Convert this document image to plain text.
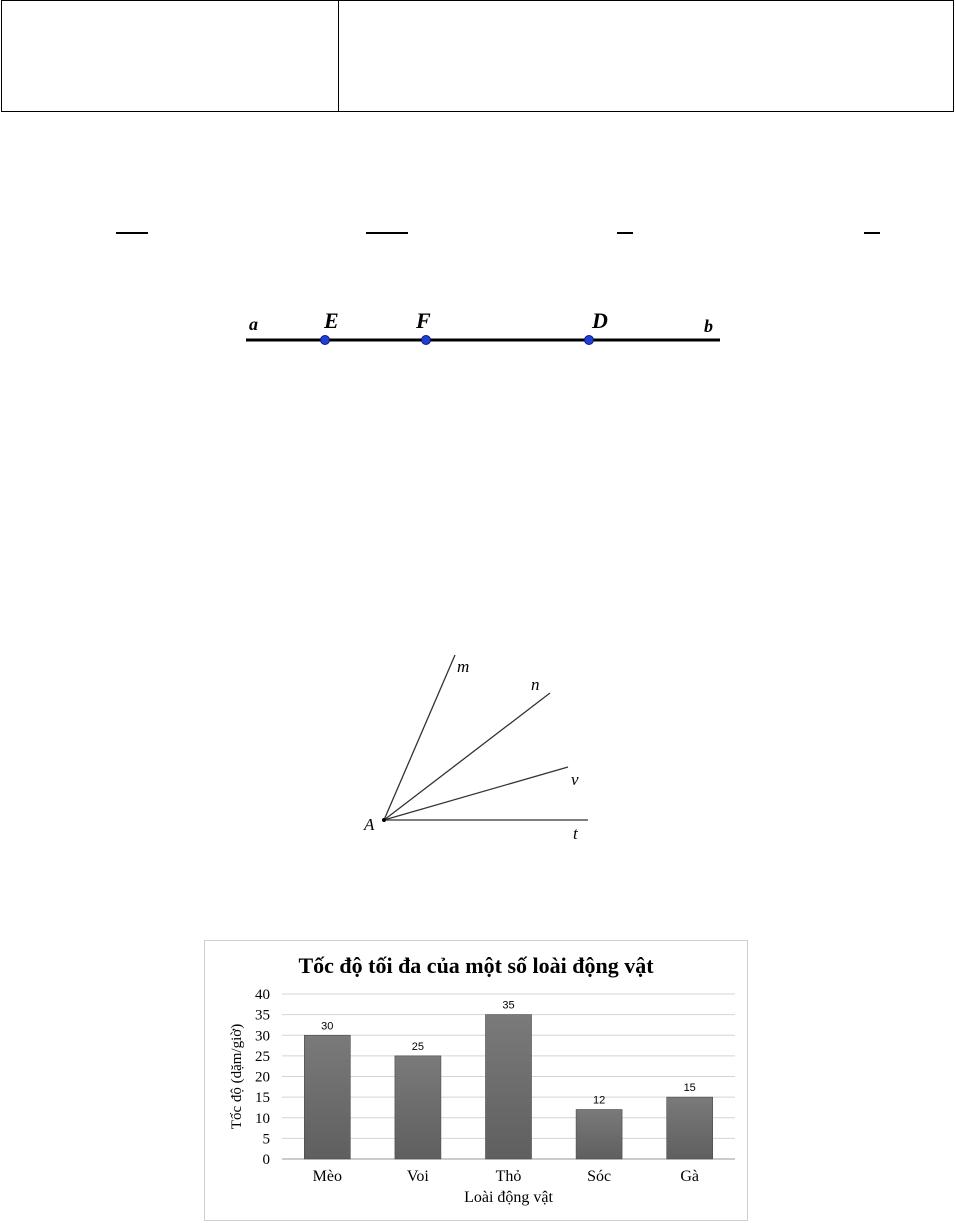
a	E	F	D	b
m
n
v
t
A
Tốc độ tối đa của một số loài động vật
0
5
10
15
20
25
30
35
40
30
Mèo
25
Voi
35
Thỏ
12
Sóc
15
Gà
Loài động vật
Tốc độ (dặm/giờ)
